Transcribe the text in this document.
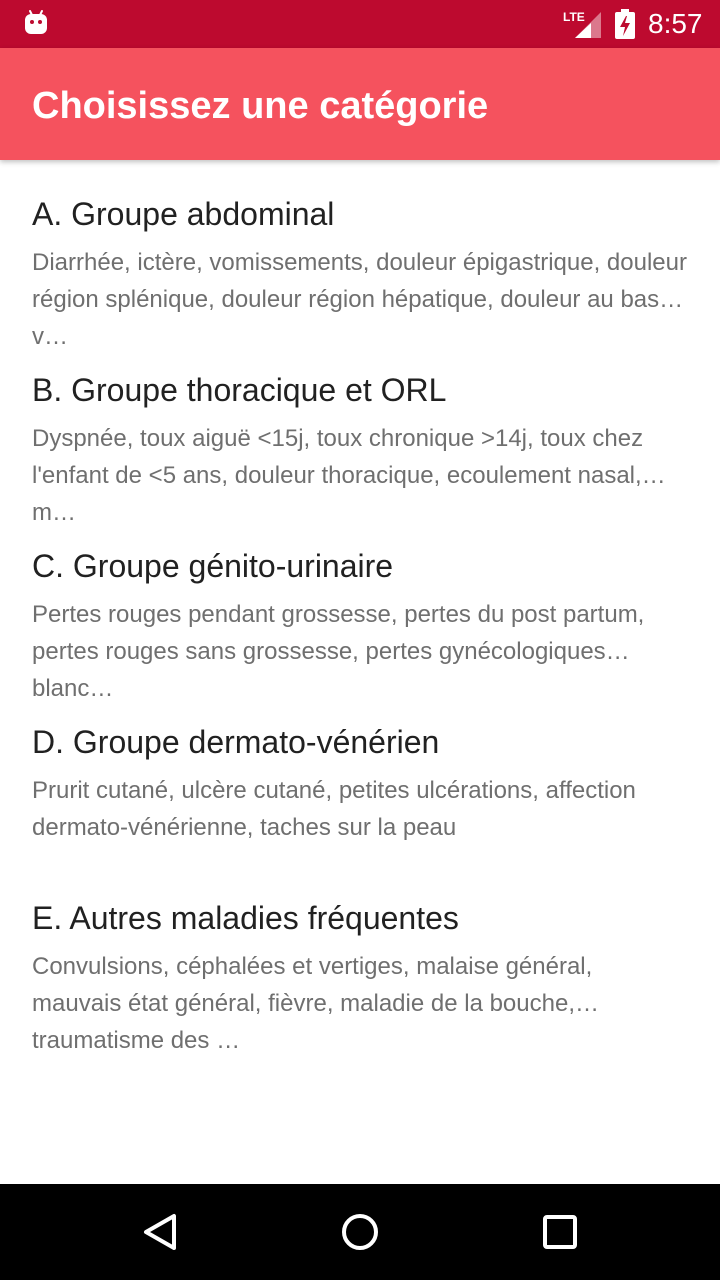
LTE 8:57
Choisissez une catégorie
A. Groupe abdominal
Diarrhée, ictère, vomissements, douleur épigastrique, douleur région splénique, douleur région hépatique, douleur au bas v…
B. Groupe thoracique et ORL
Dyspnée, toux aiguë <15j, toux chronique >14j, toux chez l'enfant de <5 ans, douleur thoracique, ecoulement nasal, m…
C. Groupe génito-urinaire
Pertes rouges pendant grossesse, pertes du post partum, pertes rouges sans grossesse, pertes gynécologiques blanc…
D. Groupe dermato-vénérien
Prurit cutané, ulcère cutané, petites ulcérations, affection dermato-vénérienne, taches sur la peau
E. Autres maladies fréquentes
Convulsions, céphalées et vertiges, malaise général, mauvais état général, fièvre, maladie de la bouche, traumatisme des …
